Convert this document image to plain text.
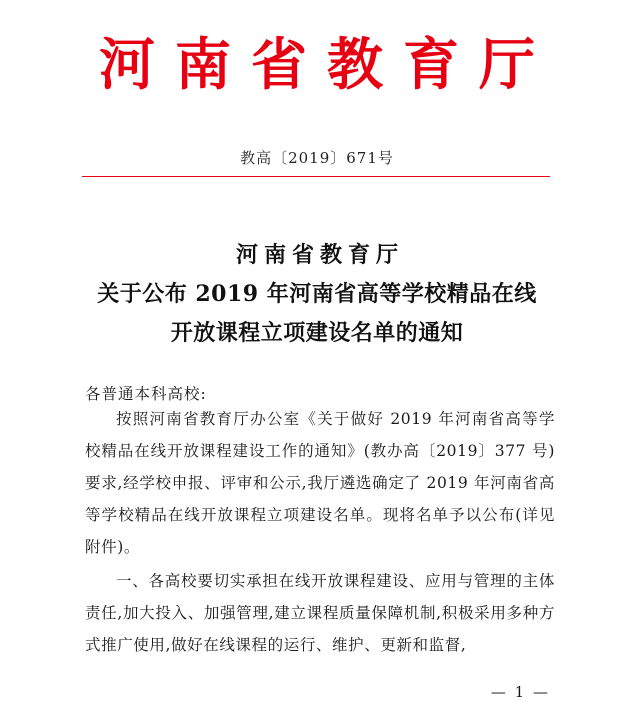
河南省教育厅
教高〔2019〕671号
河南省教育厅
关于公布 2019 年河南省高等学校精品在线
开放课程立项建设名单的通知
各普通本科高校:

按照河南省教育厅办公室《关于做好 2019 年河南省高等学校精品在线开放课程建设工作的通知》(教办高〔2019〕377 号)要求,经学校申报、评审和公示,我厅遴选确定了 2019 年河南省高等学校精品在线开放课程立项建设名单。现将名单予以公布(详见附件)。

一、各高校要切实承担在线开放课程建设、应用与管理的主体责任,加大投入、加强管理,建立课程质量保障机制,积极采用多种方式推广使用,做好在线课程的运行、维护、更新和监督,

— 1 —
